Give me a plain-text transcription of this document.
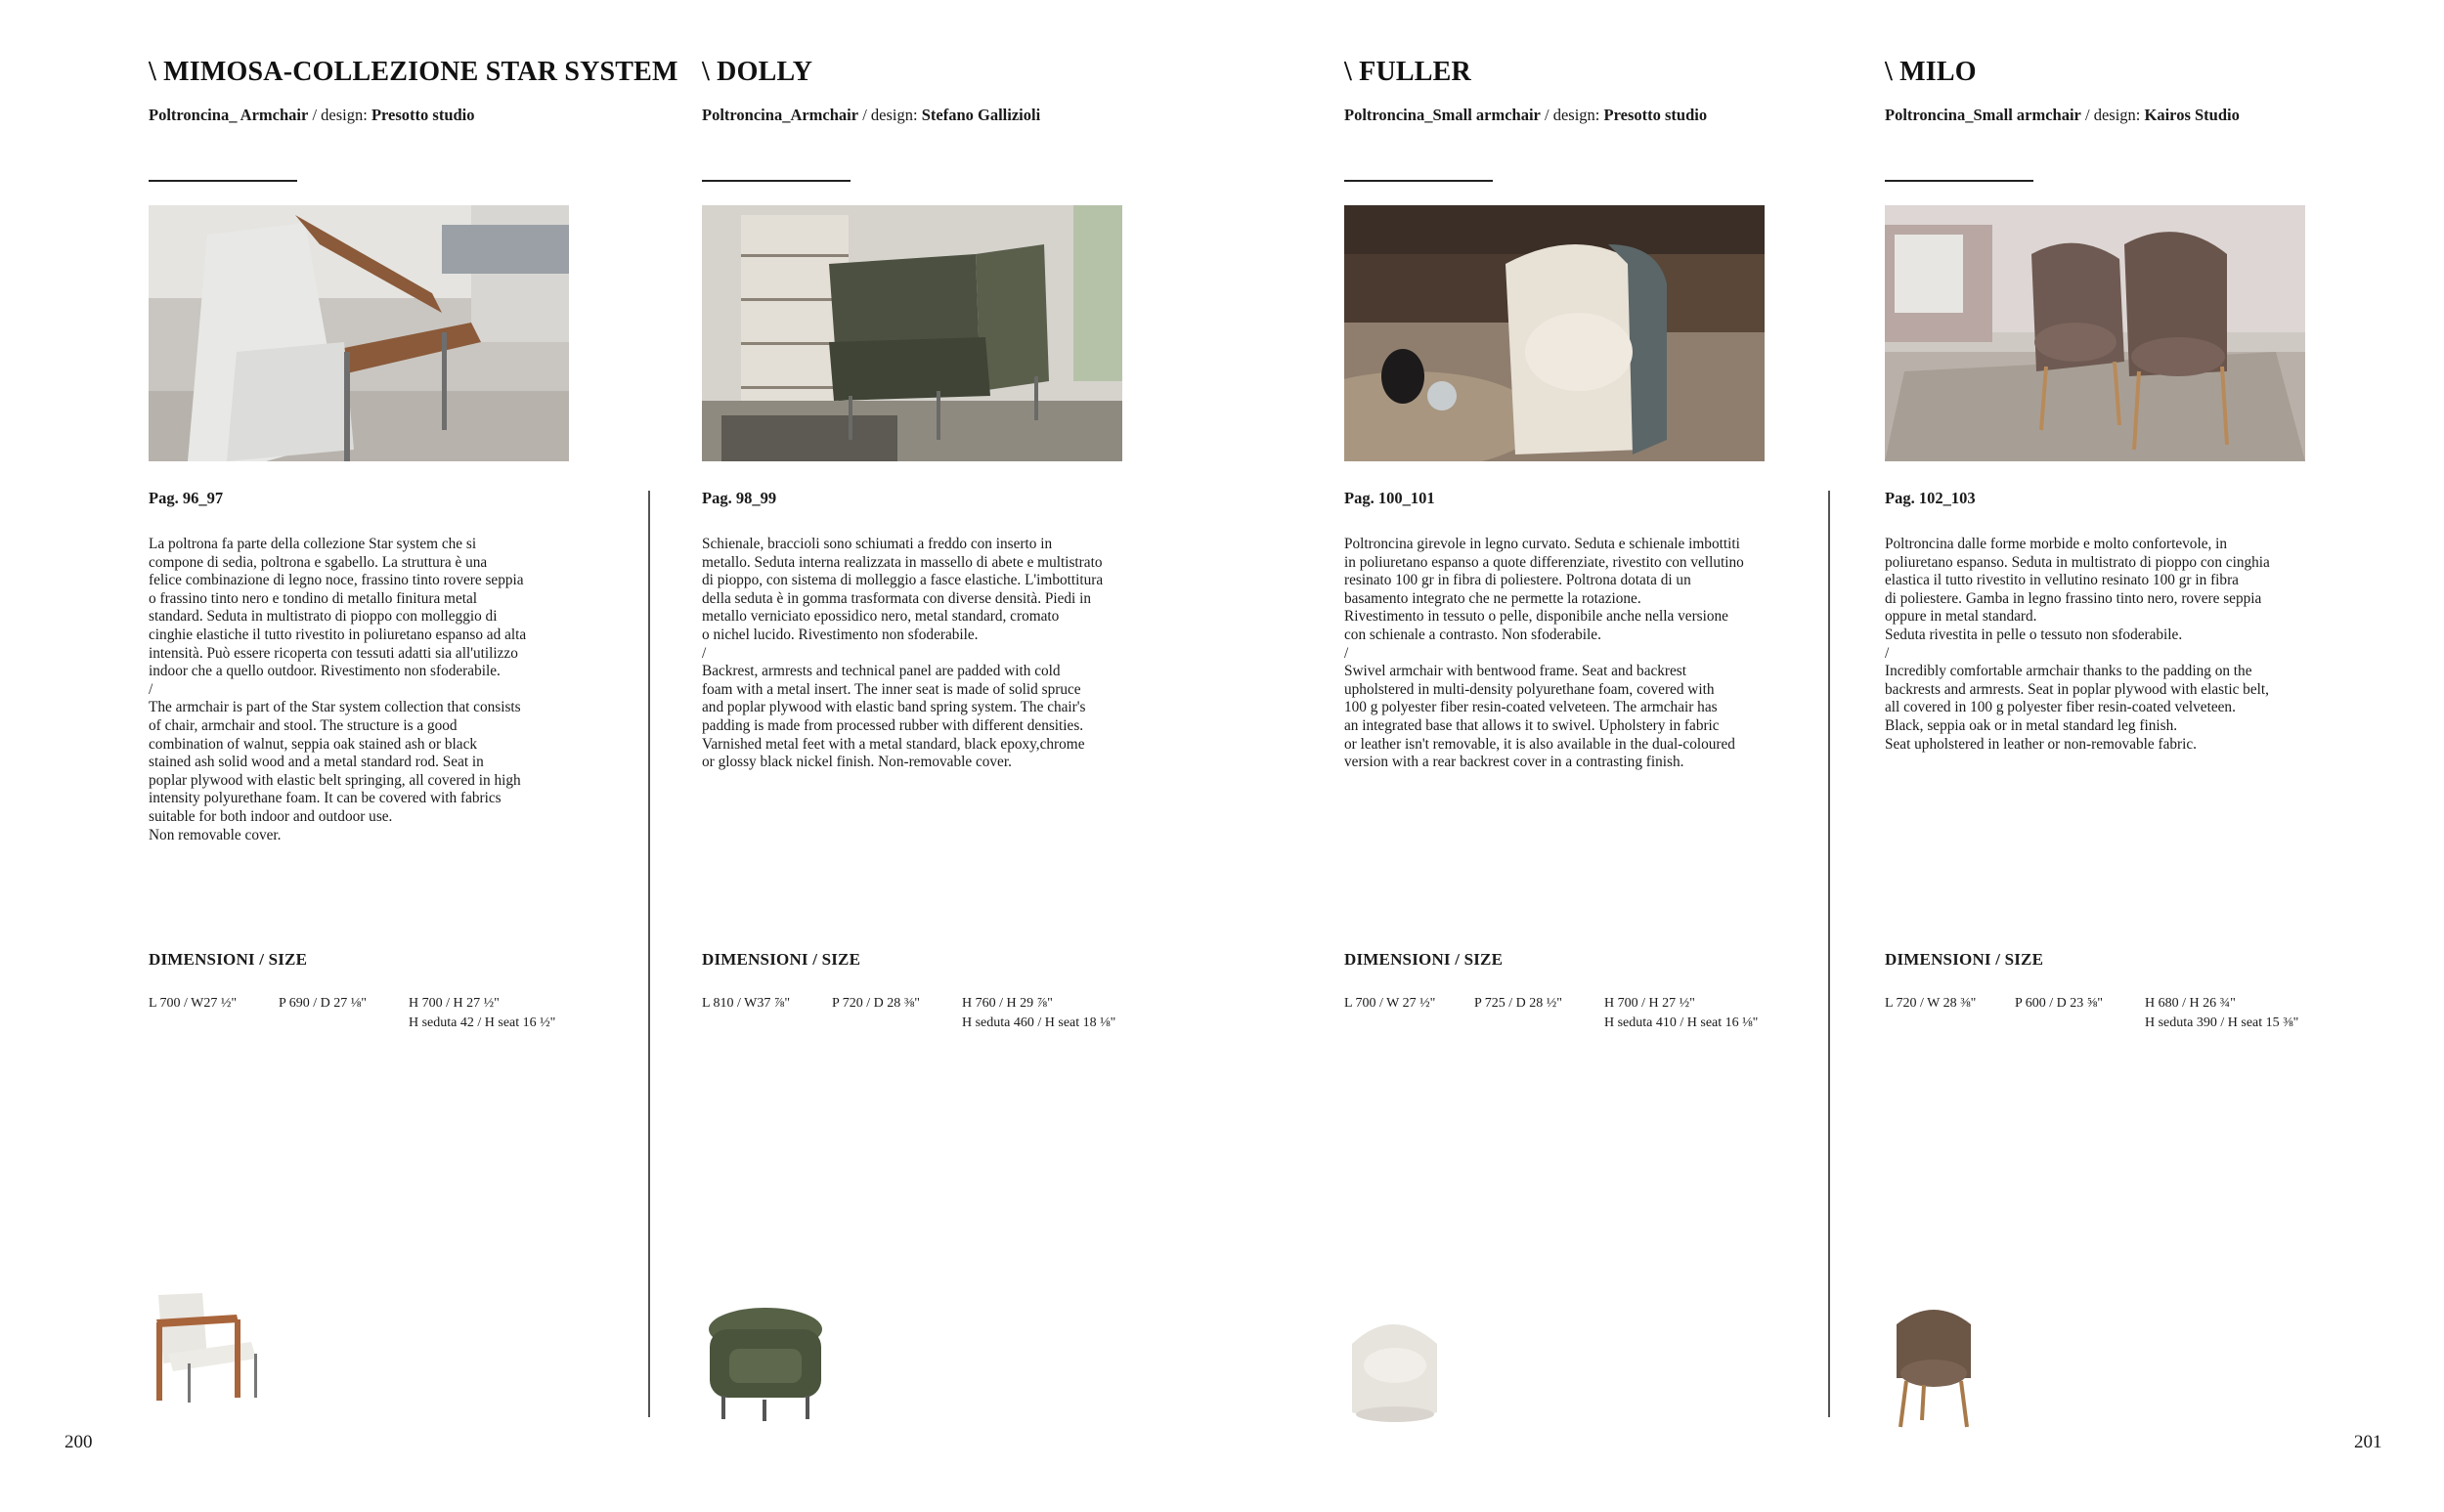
\ MIMOSA-COLLEZIONE STAR SYSTEM
Poltroncina_ Armchair / design: Presotto studio
Pag. 96_97
La poltrona fa parte della collezione Star system che si
compone di sedia, poltrona e sgabello. La struttura è una
felice combinazione di legno noce, frassino tinto rovere seppia
o frassino tinto nero e tondino di metallo finitura metal
standard. Seduta in multistrato di pioppo con molleggio di
cinghie elastiche il tutto rivestito in poliuretano espanso ad alta
intensità. Può essere ricoperta con tessuti adatti sia all'utilizzo
indoor che a quello outdoor. Rivestimento non sfoderabile.
/
The armchair is part of the Star system collection that consists
of chair, armchair and stool. The structure is a good
combination of walnut, seppia oak stained ash or black
stained ash solid wood and a metal standard rod. Seat in
poplar plywood with elastic belt springing, all covered in high
intensity polyurethane foam. It can be covered with fabrics
suitable for both indoor and outdoor use.
Non removable cover.
DIMENSIONI / SIZE
L 700 / W27 ½"	P 690 / D 27 ⅛"	H 700 / H 27 ½"
H seduta 42 / H seat 16 ½"
\ DOLLY
Poltroncina_Armchair / design: Stefano Gallizioli
Pag. 98_99
Schienale, braccioli sono schiumati a freddo con inserto in
metallo. Seduta interna realizzata in massello di abete e multistrato
di pioppo, con sistema di molleggio a fasce elastiche. L'imbottitura
della seduta è in gomma trasformata con diverse densità. Piedi in
metallo verniciato epossidico nero, metal standard, cromato
o nichel lucido. Rivestimento non sfoderabile.
/
Backrest, armrests and technical panel are padded with cold
foam with a metal insert. The inner seat is made of solid spruce
and poplar plywood with elastic band spring system. The chair's
padding is made from processed rubber with different densities.
Varnished metal feet with a metal standard, black epoxy,chrome
or glossy black nickel finish. Non-removable cover.
DIMENSIONI / SIZE
L 810 / W37 ⅞"	P 720 / D 28 ⅜"	H 760 / H 29 ⅞"
H seduta 460 / H seat 18 ⅛"
\ FULLER
Poltroncina_Small armchair / design: Presotto studio
Pag. 100_101
Poltroncina girevole in legno curvato. Seduta e schienale imbottiti
in poliuretano espanso a quote differenziate, rivestito con vellutino
resinato 100 gr in fibra di poliestere. Poltrona dotata di un
basamento integrato che ne permette la rotazione.
Rivestimento in tessuto o pelle, disponibile anche nella versione
con schienale a contrasto. Non sfoderabile.
/
Swivel armchair with bentwood frame. Seat and backrest
upholstered in multi-density polyurethane foam, covered with
100 g polyester fiber resin-coated velveteen. The armchair has
an integrated base that allows it to swivel. Upholstery in fabric
or leather isn't removable, it is also available in the dual-coloured
version with a rear backrest cover in a contrasting finish.
DIMENSIONI / SIZE
L 700 / W 27 ½"	P 725 / D 28 ½"	H 700 / H 27 ½"
H seduta 410 / H seat 16 ⅛"
\ MILO
Poltroncina_Small armchair / design: Kairos Studio
Pag. 102_103
Poltroncina dalle forme morbide e molto confortevole, in
poliuretano espanso. Seduta in multistrato di pioppo con cinghia
elastica il tutto rivestito in vellutino resinato 100 gr in fibra
di poliestere. Gamba in legno frassino tinto nero, rovere seppia
oppure in metal standard.
Seduta rivestita in pelle o tessuto non sfoderabile.
/
Incredibly comfortable armchair thanks to the padding on the
backrests and armrests. Seat in poplar plywood with elastic belt,
all covered in 100 g polyester fiber resin-coated velveteen.
Black, seppia oak or in metal standard leg finish.
Seat upholstered in leather or non-removable fabric.
DIMENSIONI / SIZE
L 720 / W 28 ⅜"	P 600 / D 23 ⅝"	H 680 / H 26 ¾"
H seduta 390 / H seat 15 ⅜"
200	201
